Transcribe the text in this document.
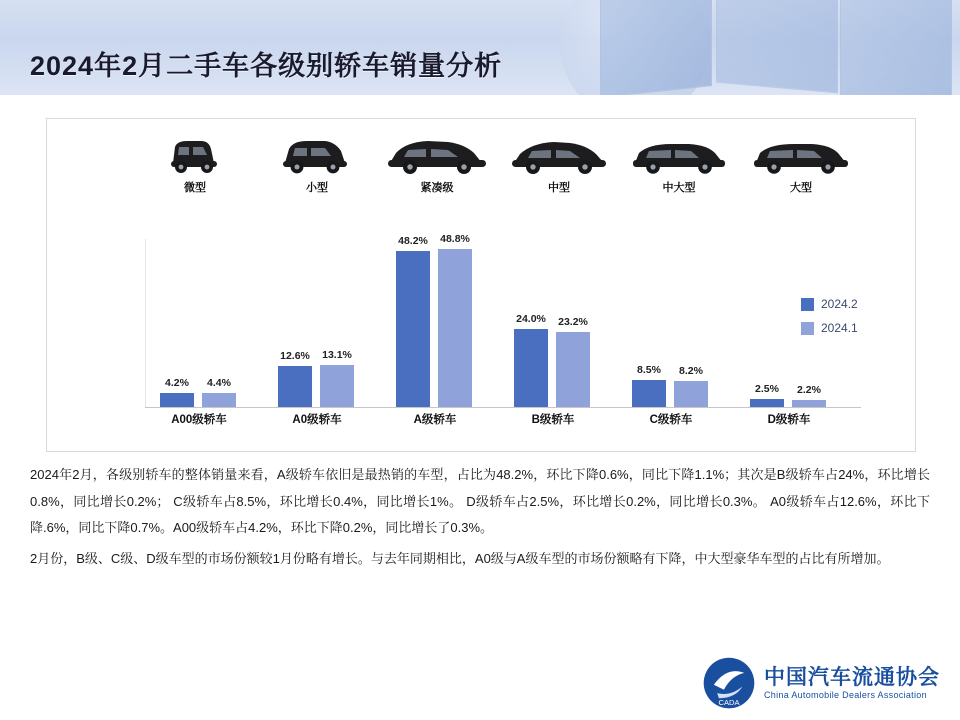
2024年2月二手车各级别轿车销量分析
微型	小型	紧凑级	中型	中大型	大型
4.2% 4.4%
A00级轿车
12.6% 13.1%
A0级轿车
48.2% 48.8%
A级轿车
24.0% 23.2%
B级轿车
8.5% 8.2%
C级轿车
2.5% 2.2%
D级轿车
2024.2
2024.1

2024年2月，各级别轿车的整体销量来看，A级轿车依旧是最热销的车型，占比为48.2%，环比下降0.6%，同比下降1.1%；其次是B级轿车占24%，环比增长0.8%，同比增长0.2%； C级轿车占8.5%，环比增长0.4%，同比增长1%。 D级轿车占2.5%，环比增长0.2%，同比增长0.3%。 A0级轿车占12.6%，环比下降.6%，同比下降0.7%。A00级轿车占4.2%，环比下降0.2%，同比增长了0.3%。

2月份，B级、C级、D级车型的市场份额较1月份略有增长。与去年同期相比，A0级与A级车型的市场份额略有下降，中大型豪华车型的占比有所增加。

CADA
中国汽车流通协会
China Automobile Dealers Association
